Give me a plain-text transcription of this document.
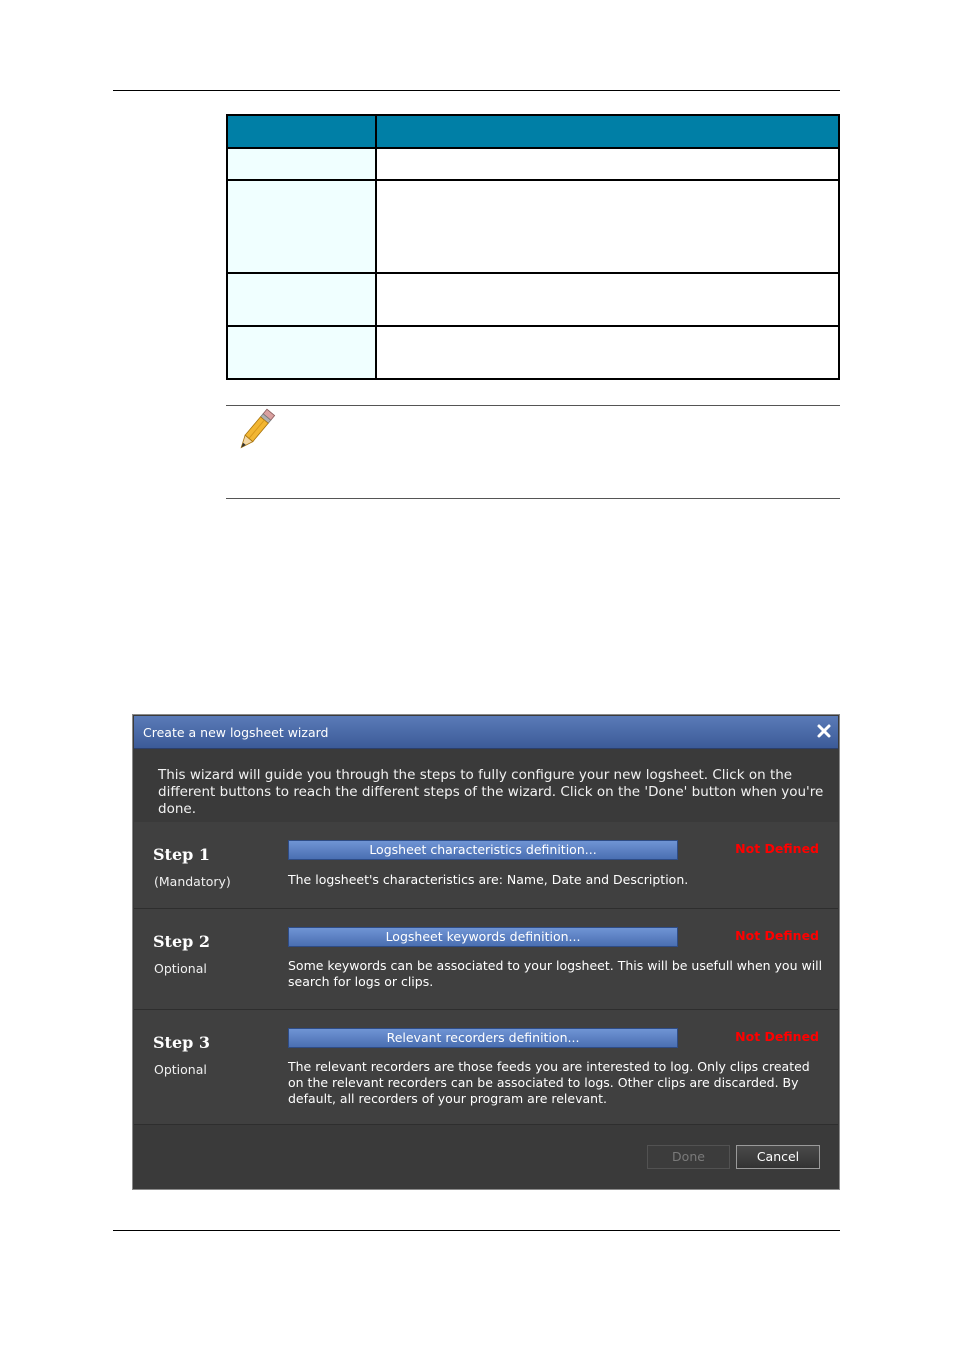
Create a new logsheet wizard
This wizard will guide you through the steps to fully configure your new logsheet. Click on the different buttons to reach the different steps of the wizard. Click on the 'Done' button when you're done.
Step 1
(Mandatory)
Logsheet characteristics definition...	Not Defined
The logsheet's characteristics are: Name, Date and Description.
Step 2
Optional
Logsheet keywords definition...	Not Defined
Some keywords can be associated to your logsheet. This will be usefull when you will search for logs or clips.
Step 3
Optional
Relevant recorders definition...	Not Defined
The relevant recorders are those feeds you are interested to log. Only clips created on the relevant recorders can be associated to logs. Other clips are discarded. By default, all recorders of your program are relevant.
Done	Cancel
